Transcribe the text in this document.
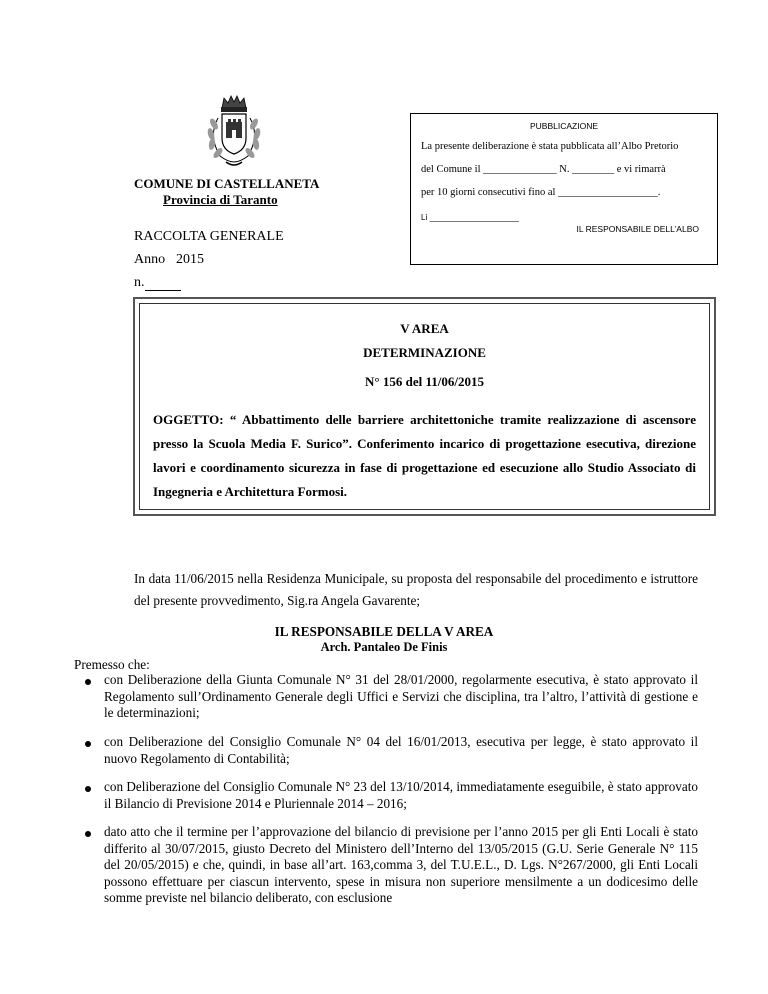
COMUNE DI CASTELLANETA
Provincia di Taranto
RACCOLTA GENERALE
Anno 2015
n.
PUBBLICAZIONE
La presente deliberazione è stata pubblicata all’Albo Pretorio
del Comune il ______________ N. ________ e vi rimarrà
per 10 giorni consecutivi fino al ___________________.
Lì ____________________
IL RESPONSABILE DELL’ALBO
V AREA
DETERMINAZIONE
N° 156 del 11/06/2015
OGGETTO: “ Abbattimento delle barriere architettoniche tramite realizzazione di ascensore presso la Scuola Media F. Surico”. Conferimento incarico di progettazione esecutiva, direzione lavori e coordinamento sicurezza in fase di progettazione ed esecuzione allo Studio Associato di Ingegneria e Architettura Formosi.
In data 11/06/2015 nella Residenza Municipale, su proposta del responsabile del procedimento e istruttore del presente provvedimento, Sig.ra Angela Gavarente;
IL RESPONSABILE DELLA V AREA
Arch. Pantaleo De Finis
Premesso che:
con Deliberazione della Giunta Comunale N° 31 del 28/01/2000, regolarmente esecutiva, è stato approvato il Regolamento sull’Ordinamento Generale degli Uffici e Servizi che disciplina, tra l’altro, l’attività di gestione e le determinazioni;
con Deliberazione del Consiglio Comunale N° 04 del 16/01/2013, esecutiva per legge, è stato approvato il nuovo Regolamento di Contabilità;
con Deliberazione del Consiglio Comunale N° 23 del 13/10/2014, immediatamente eseguibile, è stato approvato il Bilancio di Previsione 2014 e Pluriennale 2014 – 2016;
dato atto che il termine per l’approvazione del bilancio di previsione per l’anno 2015 per gli Enti Locali è stato differito al 30/07/2015, giusto Decreto del Ministero dell’Interno del 13/05/2015 (G.U. Serie Generale N° 115 del 20/05/2015) e che, quindi, in base all’art. 163,comma 3, del T.U.E.L., D. Lgs. N°267/2000, gli Enti Locali possono effettuare per ciascun intervento, spese in misura non superiore mensilmente a un dodicesimo delle somme previste nel bilancio deliberato, con esclusione
